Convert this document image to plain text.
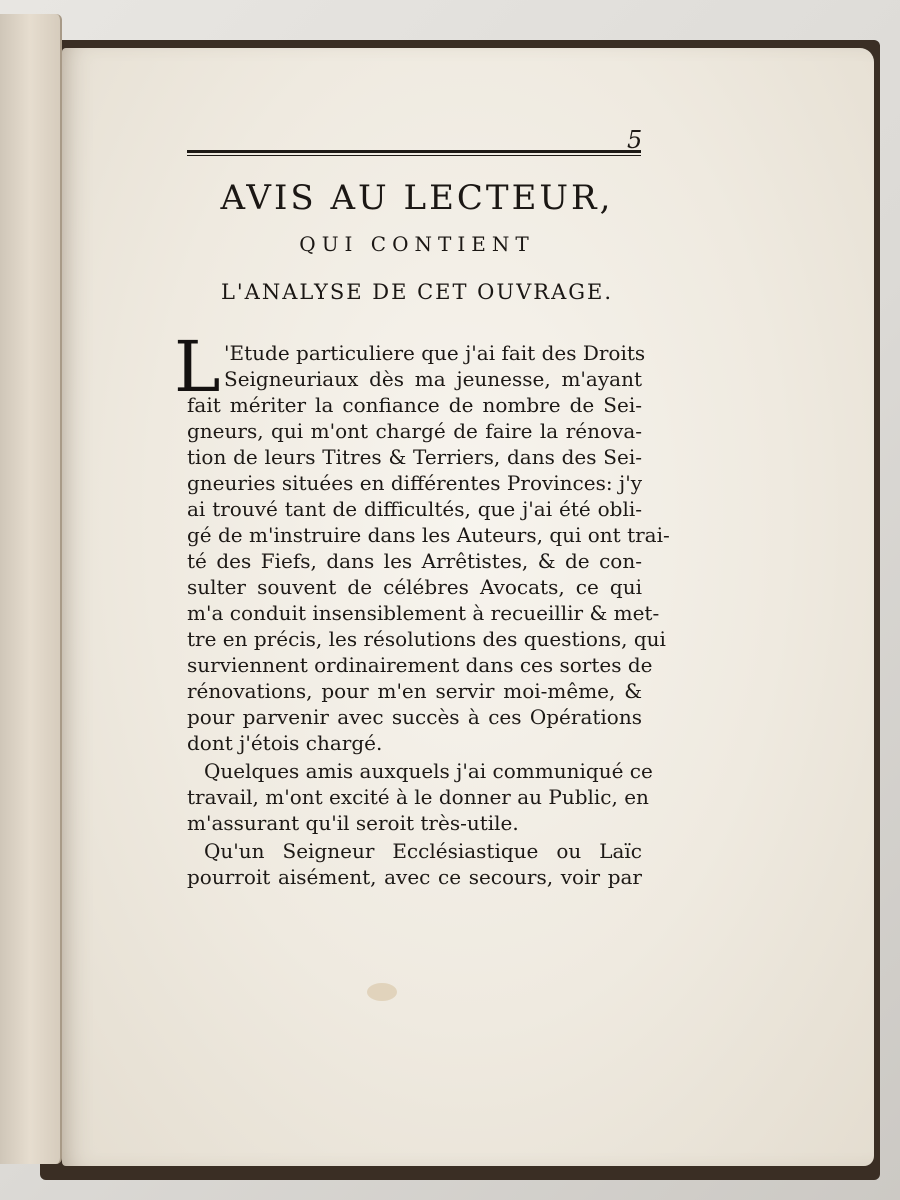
5
AVIS AU LECTEUR,
QUI CONTIENT
L'ANALYSE DE CET OUVRAGE.
L 'Etude particuliere que j'ai fait des Droits
Seigneuriaux dès ma jeunesse, m'ayant
fait mériter la confiance de nombre de Sei-
gneurs, qui m'ont chargé de faire la rénova-
tion de leurs Titres & Terriers, dans des Sei-
gneuries situées en différentes Provinces: j'y
ai trouvé tant de difficultés, que j'ai été obli-
gé de m'instruire dans les Auteurs, qui ont trai-
té des Fiefs, dans les Arrêtistes, & de con-
sulter souvent de célébres Avocats, ce qui
m'a conduit insensiblement à recueillir & met-
tre en précis, les résolutions des questions, qui
surviennent ordinairement dans ces sortes de
rénovations, pour m'en servir moi-même, &
pour parvenir avec succès à ces Opérations
dont j'étois chargé.
Quelques amis auxquels j'ai communiqué ce
travail, m'ont excité à le donner au Public, en
m'assurant qu'il seroit très-utile.
Qu'un Seigneur Ecclésiastique ou Laïc
pourroit aisément, avec ce secours, voir par
